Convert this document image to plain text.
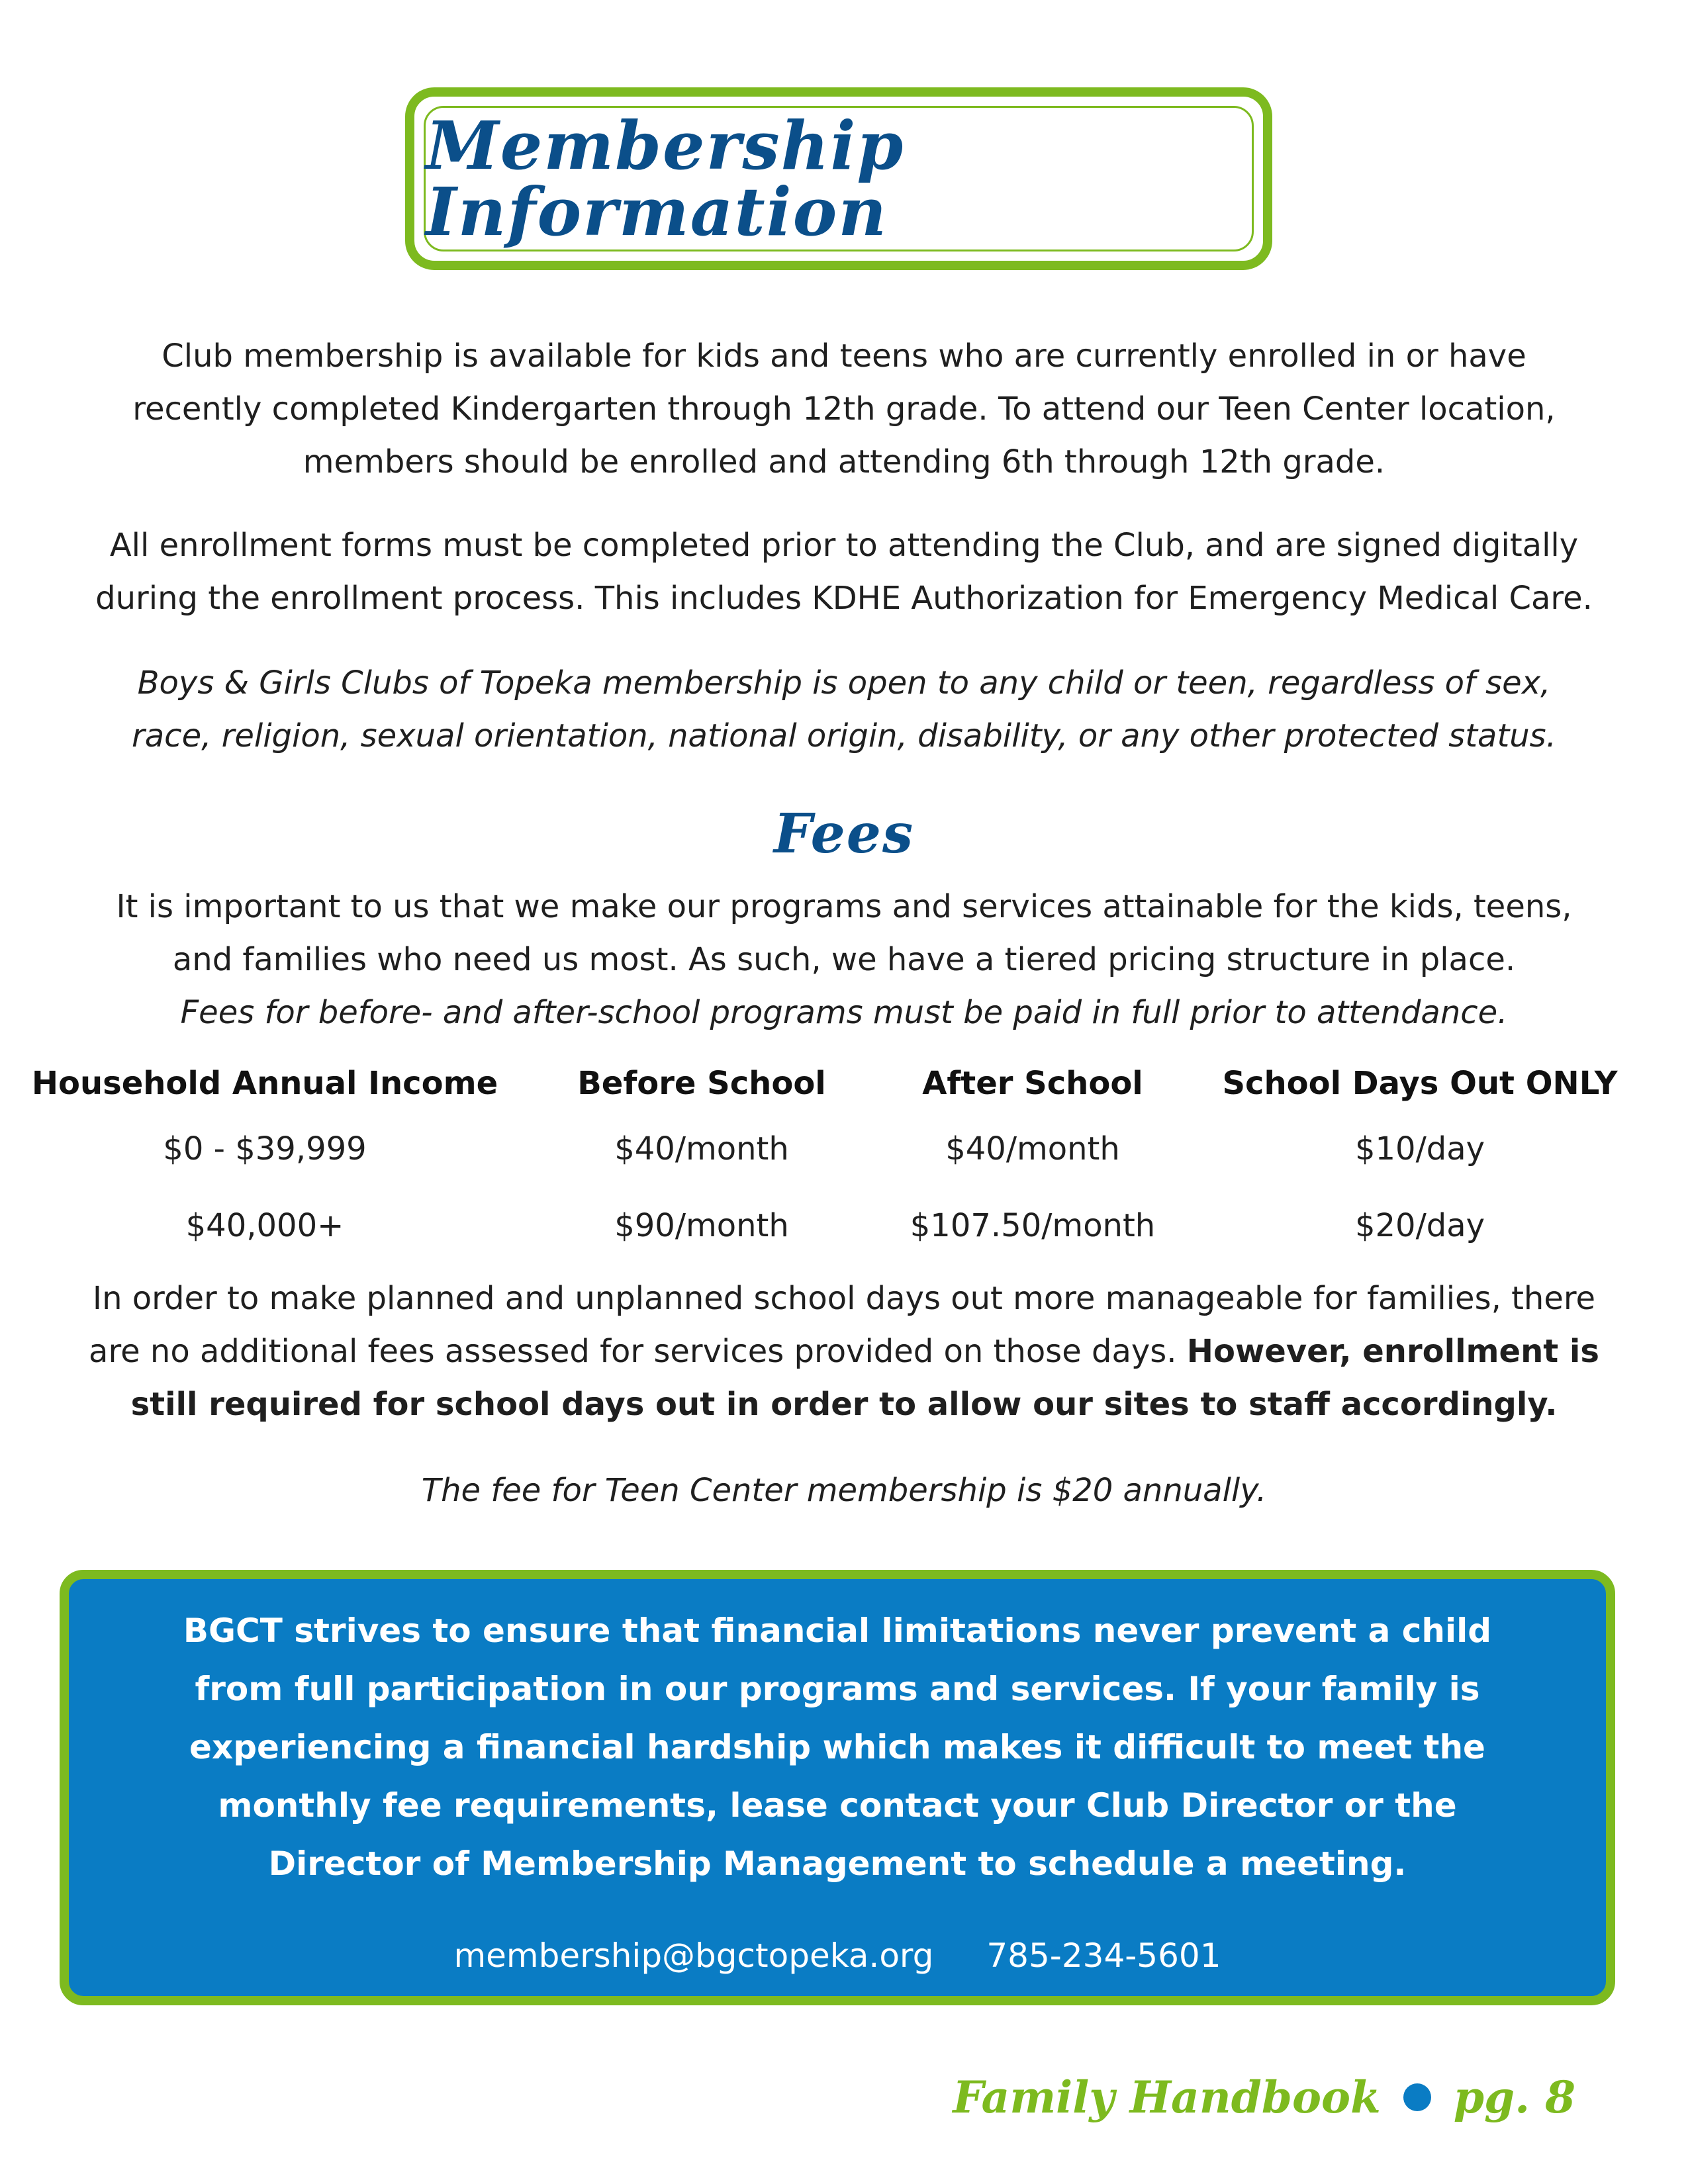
Membership Information
Club membership is available for kids and teens who are currently enrolled in or have
recently completed Kindergarten through 12th grade. To attend our Teen Center location,
members should be enrolled and attending 6th through 12th grade.
All enrollment forms must be completed prior to attending the Club, and are signed digitally
during the enrollment process. This includes KDHE Authorization for Emergency Medical Care.
Boys & Girls Clubs of Topeka membership is open to any child or teen, regardless of sex,
race, religion, sexual orientation, national origin, disability, or any other protected status.
Fees
It is important to us that we make our programs and services attainable for the kids, teens,
and families who need us most. As such, we have a tiered pricing structure in place.
Fees for before- and after-school programs must be paid in full prior to attendance.
Household Annual Income	Before School	After School	School Days Out ONLY
$0 - $39,999	$40/month	$40/month	$10/day
$40,000+	$90/month	$107.50/month	$20/day
In order to make planned and unplanned school days out more manageable for families, there
are no additional fees assessed for services provided on those days. However, enrollment is
still required for school days out in order to allow our sites to staff accordingly.
The fee for Teen Center membership is $20 annually.
BGCT strives to ensure that financial limitations never prevent a child
from full participation in our programs and services. If your family is
experiencing a financial hardship which makes it difficult to meet the
monthly fee requirements, lease contact your Club Director or the
Director of Membership Management to schedule a meeting.
membership@bgctopeka.org 785-234-5601
Family Handbook pg. 8
